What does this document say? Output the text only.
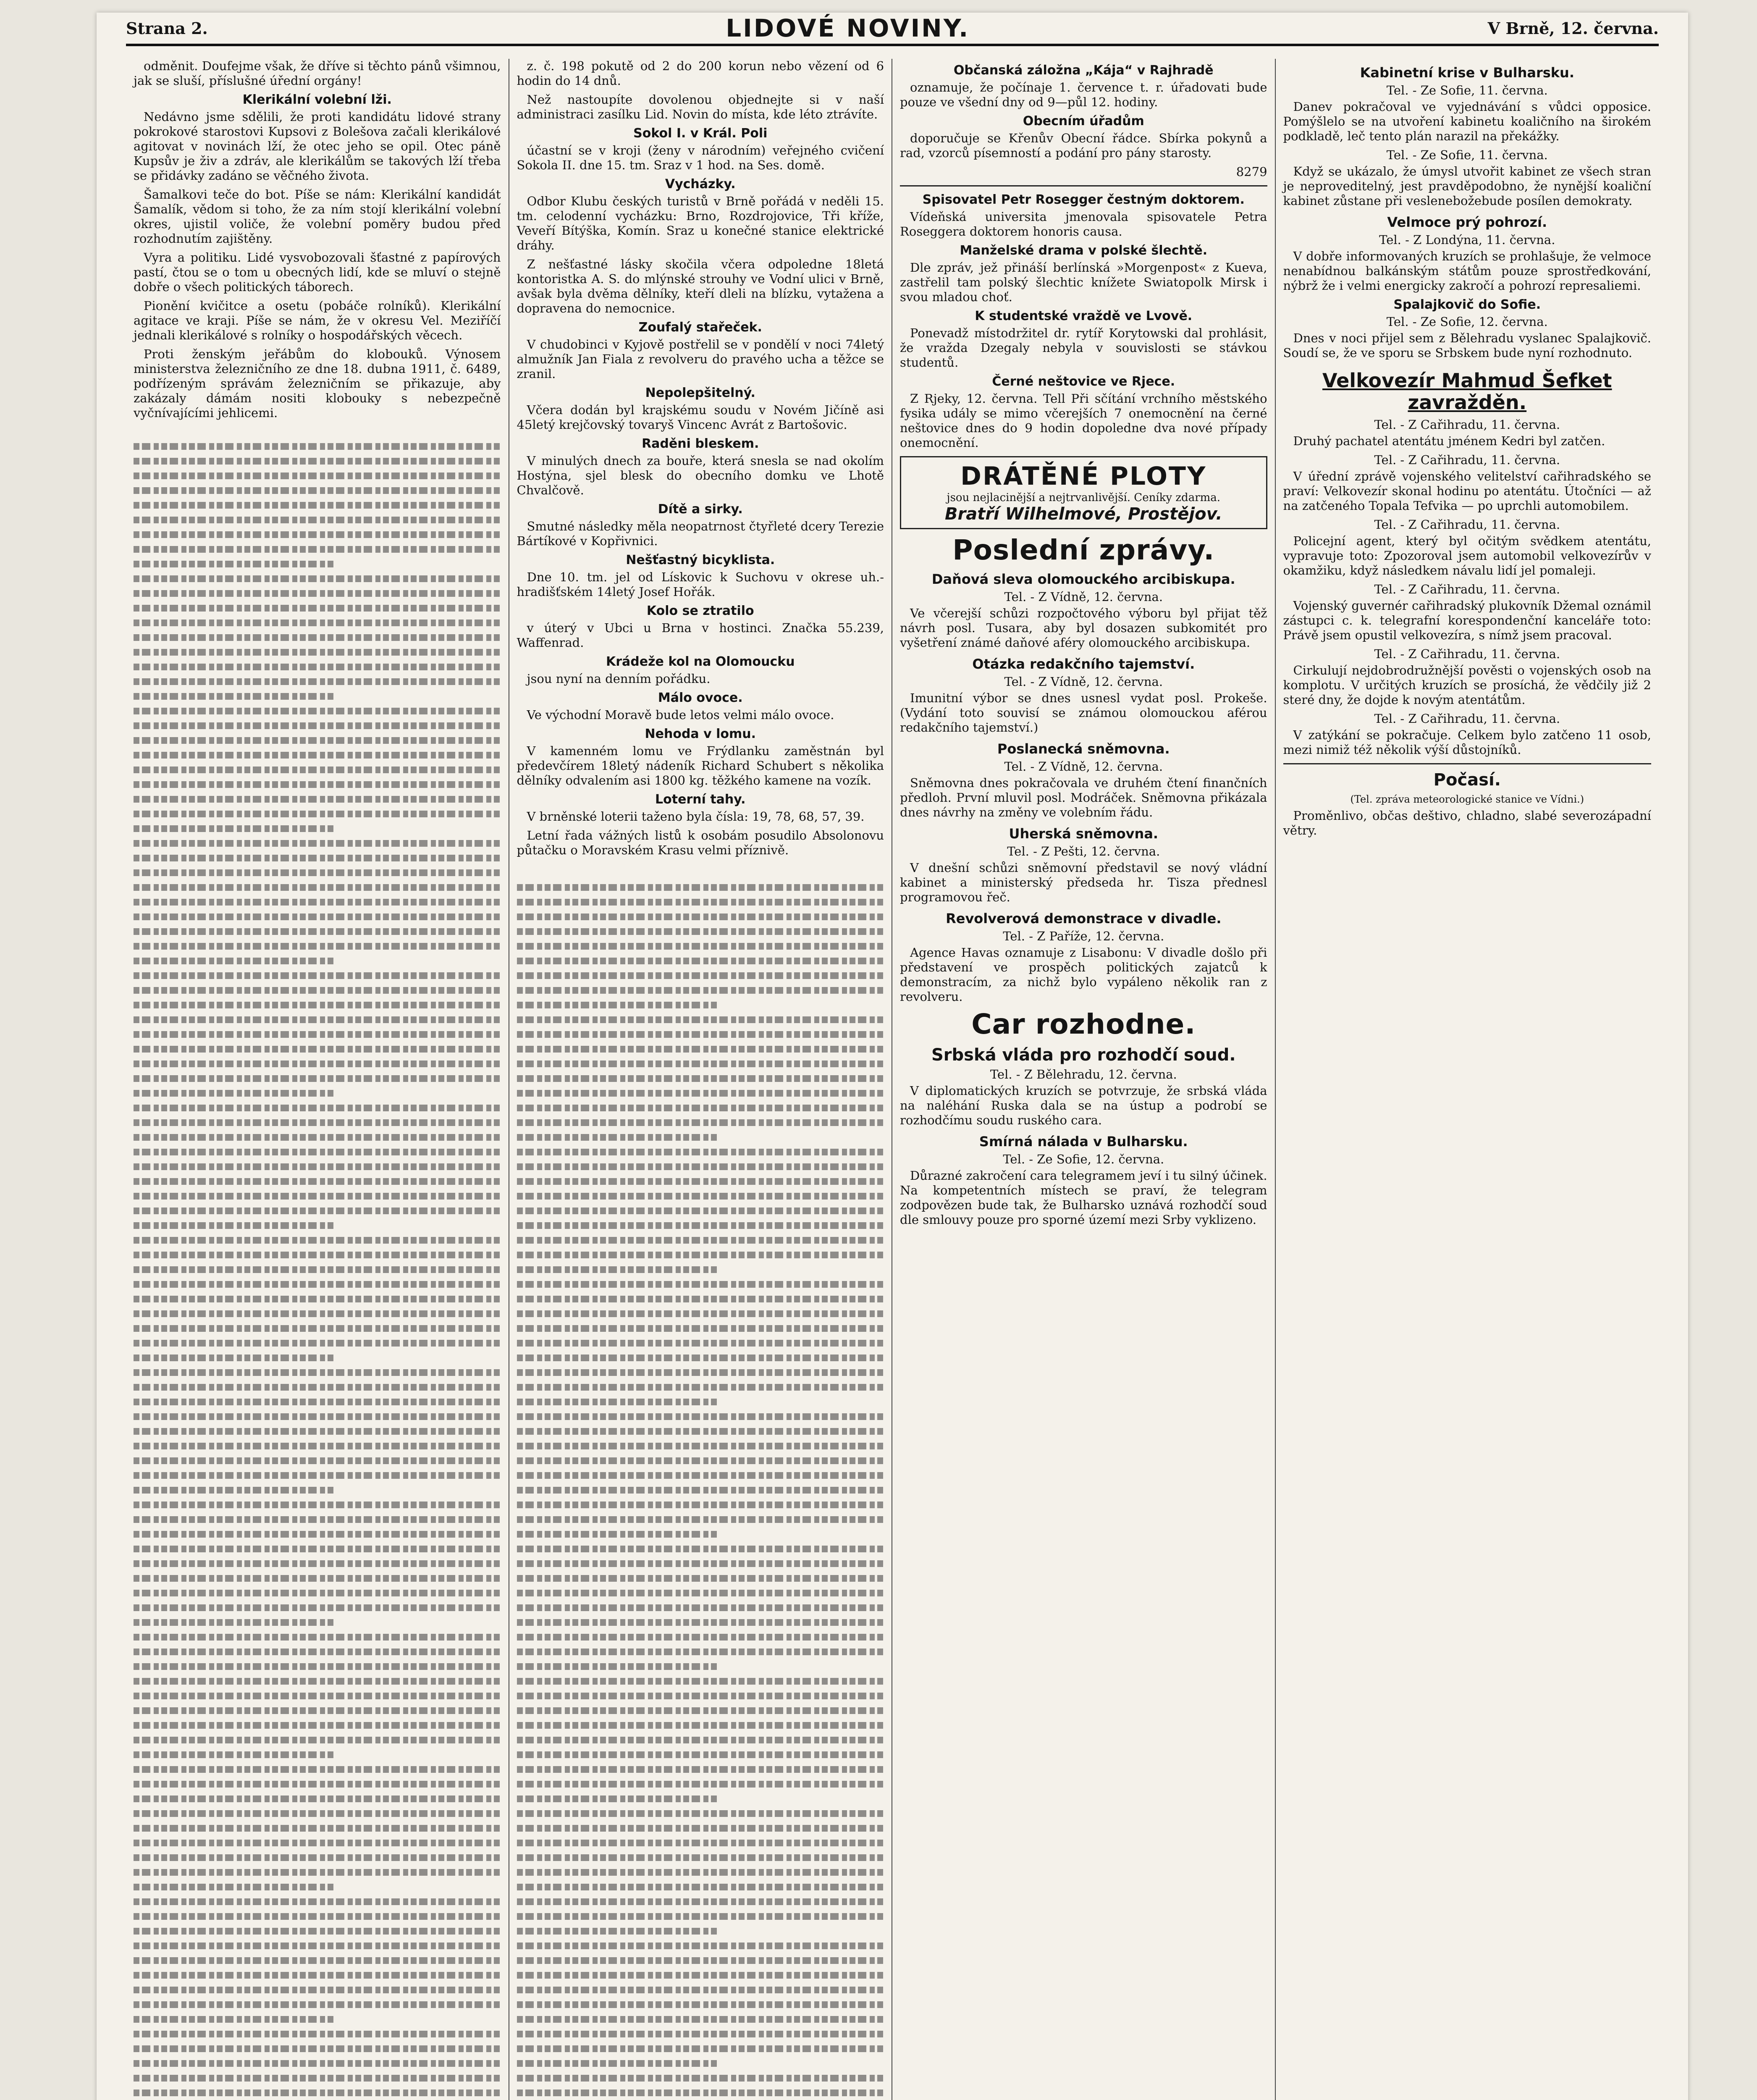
Strana 2.	LIDOVÉ NOVINY.	V Brně, 12. června.

odměnit. Doufejme však, že dříve si těchto pánů všimnou, jak se sluší, příslušné úřední orgány!

Klerikální volební lži.

Nedávno jsme sdělili, že proti kandidátu lidové strany pokrokové starostovi Kupsovi z Bolešova začali klerikálové agitovat v novinách lží, že otec jeho se opil. Otec páně Kupsův je živ a zdráv, ale klerikálům se takových lží třeba se přidávky zadáno se věčného života.

Šamalkovi teče do bot. Píše se nám: Klerikální kandidát Šamalík, vědom si toho, že za ním stojí klerikální volební okres, ujistil voliče, že volební poměry budou před rozhodnutím zajištěny.

Vyra a politiku. Lidé vysvobozovali šťastné z papírových pastí, čtou se o tom u obecných lidí, kde se mluví o stejně dobře o všech politických táborech.

Pionění kvičitce a osetu (pobáče rolníků). Klerikální agitace ve kraji. Píše se nám, že v okresu Vel. Meziříčí jednali klerikálové s rolníky o hospodářských věcech.

Proti ženským jeřábům do klobouků. Výnosem ministerstva železničního ze dne 18. dubna 1911, č. 6489, podřízeným správám železničním se přikazuje, aby zakázaly dámám nositi klobouky s nebezpečně vyčnívajícími jehlicemi.

z. č. 198 pokutě od 2 do 200 korun nebo vězení od 6 hodin do 14 dnů.

Než nastoupíte dovolenou objednejte si v naší administraci zasílku Lid. Novin do místa, kde léto ztrávíte.

Sokol I. v Král. Poli

účastní se v kroji (ženy v národním) veřejného cvičení Sokola II. dne 15. tm. Sraz v 1 hod. na Ses. domě.

Vycházky.

Odbor Klubu českých turistů v Brně pořádá v neděli 15. tm. celodenní vycházku: Brno, Rozdrojovice, Tři kříže, Veveří Bítýška, Komín. Sraz u konečné stanice elektrické dráhy.

Z nešťastné lásky skočila včera odpoledne 18letá kontoristka A. S. do mlýnské strouhy ve Vodní ulici v Brně, avšak byla dvěma dělníky, kteří dleli na blízku, vytažena a dopravena do nemocnice.

Zoufalý stařeček.

V chudobinci v Kyjově postřelil se v pondělí v noci 74letý almužník Jan Fiala z revolveru do pravého ucha a těžce se zranil.

Nepolepšitelný.

Včera dodán byl krajskému soudu v Novém Jičíně asi 45letý krejčovský tovaryš Vincenc Avrát z Bartošovic.

Raděni bleskem.

V minulých dnech za bouře, která snesla se nad okolím Hostýna, sjel blesk do obecního domku ve Lhotě Chvalčově.

Dítě a sirky.

Smutné následky měla neopatrnost čtyřleté dcery Terezie Bártíkové v Kopřivnici.

Nešťastný bicyklista.

Dne 10. tm. jel od Lískovic k Suchovu v okrese uh.-hradišťském 14letý Josef Hořák.

Kolo se ztratilo

v úterý v Ubci u Brna v hostinci. Značka 55.239, Waffenrad.

Krádeže kol na Olomoucku

jsou nyní na denním pořádku.

Málo ovoce.

Ve východní Moravě bude letos velmi málo ovoce.

Nehoda v lomu.

V kamenném lomu ve Frýdlanku zaměstnán byl předevčírem 18letý nádeník Richard Schubert s několika dělníky odvalením asi 1800 kg. těžkého kamene na vozík.

Loterní tahy.

V brněnské loterii taženo byla čísla: 19, 78, 68, 57, 39.

Letní řada vážných listů k osobám posudilo Absolonovu půtačku o Moravském Krasu velmi příznivě.

Občanská záložna „Kája“ v Rajhradě

oznamuje, že počínaje 1. července t. r. úřadovati bude pouze ve všední dny od 9—půl 12. hodiny.

Obecním úřadům

doporučuje se Křenův Obecní řádce. Sbírka pokynů a rad, vzorců písemností a podání pro pány starosty.

8279
Spisovatel Petr Rosegger čestným doktorem.

Vídeňská universita jmenovala spisovatele Petra Roseggera doktorem honoris causa.

Manželské drama v polské šlechtě.

Dle zpráv, jež přináší berlínská »Morgenpost« z Kueva, zastřelil tam polský šlechtic knížete Swiatopolk Mirsk i svou mladou choť.

K studentské vraždě ve Lvově.

Ponevadž místodržitel dr. rytíř Korytowski dal prohlásit, že vražda Dzegaly nebyla v souvislosti se stávkou studentů.

Černé neštovice ve Rjece.

Z Rjeky, 12. června. Tell Při sčítání vrchního městského fysika udály se mimo včerejších 7 onemocnění na černé neštovice dnes do 9 hodin dopoledne dva nové případy onemocnění.

DRÁTĚNÉ PLOTY
jsou nejlacinější a nejtrvanlivější. Ceníky zdarma.
Bratří Wilhelmové, Prostějov.
Poslední zprávy.
Daňová sleva olomouckého arcibiskupa.
Tel. - Z Vídně, 12. června.

Ve včerejší schůzi rozpočtového výboru byl přijat těž návrh posl. Tusara, aby byl dosazen subkomitét pro vyšetření známé daňové aféry olomouckého arcibiskupa.

Otázka redakčního tajemství.
Tel. - Z Vídně, 12. června.

Imunitní výbor se dnes usnesl vydat posl. Prokeše. (Vydání toto souvisí se známou olomouckou aférou redakčního tajemství.)

Poslanecká sněmovna.
Tel. - Z Vídně, 12. června.

Sněmovna dnes pokračovala ve druhém čtení finančních předloh. První mluvil posl. Modráček. Sněmovna přikázala dnes návrhy na změny ve volebním řádu.

Uherská sněmovna.
Tel. - Z Pešti, 12. června.

V dnešní schůzi sněmovní představil se nový vládní kabinet a ministerský předseda hr. Tisza přednesl programovou řeč.

Revolverová demonstrace v divadle.
Tel. - Z Paříže, 12. června.

Agence Havas oznamuje z Lisabonu: V divadle došlo při představení ve prospěch politických zajatců k demonstracím, za nichž bylo vypáleno několik ran z revolveru.

Car rozhodne.
Srbská vláda pro rozhodčí soud.
Tel. - Z Bělehradu, 12. června.

V diplomatických kruzích se potvrzuje, že srbská vláda na naléhání Ruska dala se na ústup a podrobí se rozhodčímu soudu ruského cara.

Smírná nálada v Bulharsku.
Tel. - Ze Sofie, 12. června.

Důrazné zakročení cara telegramem jeví i tu silný účinek. Na kompetentních místech se praví, že telegram zodpovězen bude tak, že Bulharsko uznává rozhodčí soud dle smlouvy pouze pro sporné území mezi Srby vyklizeno.

Kabinetní krise v Bulharsku.
Tel. - Ze Sofie, 11. června.

Danev pokračoval ve vyjednávání s vůdci opposice. Pomýšlelo se na utvoření kabinetu koaličního na širokém podkladě, leč tento plán narazil na překážky.

Tel. - Ze Sofie, 11. června.

Když se ukázalo, že úmysl utvořit kabinet ze všech stran je neproveditelný, jest pravděpodobno, že nynější koaliční kabinet zůstane při veslenebožebude posílen demokraty.

Velmoce prý pohrozí.
Tel. - Z Londýna, 11. června.

V dobře informovaných kruzích se prohlašuje, že velmoce nenabídnou balkánským státům pouze sprostředkování, nýbrž že i velmi energicky zakročí a pohrozí represaliemi.

Spalajkovič do Sofie.
Tel. - Ze Sofie, 12. června.

Dnes v noci přijel sem z Bělehradu vyslanec Spalajkovič. Soudí se, že ve sporu se Srbskem bude nyní rozhodnuto.

Velkovezír Mahmud Šefket zavražděn.
Tel. - Z Cařihradu, 11. června.

Druhý pachatel atentátu jménem Kedri byl zatčen.

Tel. - Z Cařihradu, 11. června.

V úřední zprávě vojenského velitelství cařihradského se praví: Velkovezír skonal hodinu po atentátu. Útočníci — až na zatčeného Topala Tefvika — po uprchli automobilem.

Tel. - Z Cařihradu, 11. června.

Policejní agent, který byl očitým svědkem atentátu, vypravuje toto: Zpozoroval jsem automobil velkovezírův v okamžiku, když následkem návalu lidí jel pomaleji.

Tel. - Z Cařihradu, 11. června.

Vojenský guvernér cařihradský plukovník Džemal oznámil zástupci c. k. telegrafní korespondenční kanceláře toto: Právě jsem opustil velkovezíra, s nímž jsem pracoval.

Tel. - Z Cařihradu, 11. června.

Cirkulují nejdobrodružnější pověsti o vojenských osob na komplotu. V určitých kruzích se prosíchá, že vědčily již 2 steré dny, že dojde k novým atentátům.

Tel. - Z Cařihradu, 11. června.

V zatýkání se pokračuje. Celkem bylo zatčeno 11 osob, mezi nimiž též několik výší důstojníků.

Počasí.
(Tel. zpráva meteorologické stanice ve Vídni.)

Proměnlivo, občas deštivo, chladno, slabé severozápadní větry.
